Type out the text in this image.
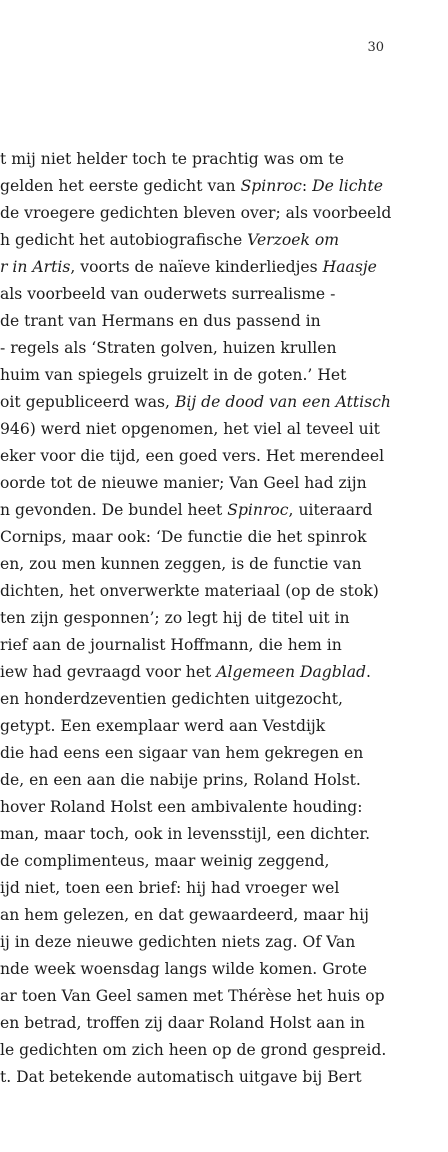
30
t mij niet helder toch te prachtig was om te
gelden het eerste gedicht van Spinroc: De lichte
de vroegere gedichten bleven over; als voorbeeld
h gedicht het autobiografische Verzoek om
r in Artis, voorts de naïeve kinderliedjes Haasje
als voorbeeld van ouderwets surrealisme -
de trant van Hermans en dus passend in
- regels als ‘Straten golven, huizen krullen
huim van spiegels gruizelt in de goten.’ Het
oit gepubliceerd was, Bij de dood van een Attisch
946) werd niet opgenomen, het viel al teveel uit
eker voor die tijd, een goed vers. Het merendeel
oorde tot de nieuwe manier; Van Geel had zijn
n gevonden. De bundel heet Spinroc, uiteraard
Cornips, maar ook: ‘De functie die het spinrok
en, zou men kunnen zeggen, is de functie van
dichten, het onverwerkte materiaal (op de stok)
ten zijn gesponnen’; zo legt hij de titel uit in
rief aan de journalist Hoffmann, die hem in
iew had gevraagd voor het Algemeen Dagblad.
en honderdzeventien gedichten uitgezocht,
getypt. Een exemplaar werd aan Vestdijk
die had eens een sigaar van hem gekregen en
de, en een aan die nabije prins, Roland Holst.
hover Roland Holst een ambivalente houding:
man, maar toch, ook in levensstijl, een dichter.
de complimenteus, maar weinig zeggend,
ijd niet, toen een brief: hij had vroeger wel
an hem gelezen, en dat gewaardeerd, maar hij
ij in deze nieuwe gedichten niets zag. Of Van
nde week woensdag langs wilde komen. Grote
ar toen Van Geel samen met Thérèse het huis op
en betrad, troffen zij daar Roland Holst aan in
le gedichten om zich heen op de grond gespreid.
t. Dat betekende automatisch uitgave bij Bert
